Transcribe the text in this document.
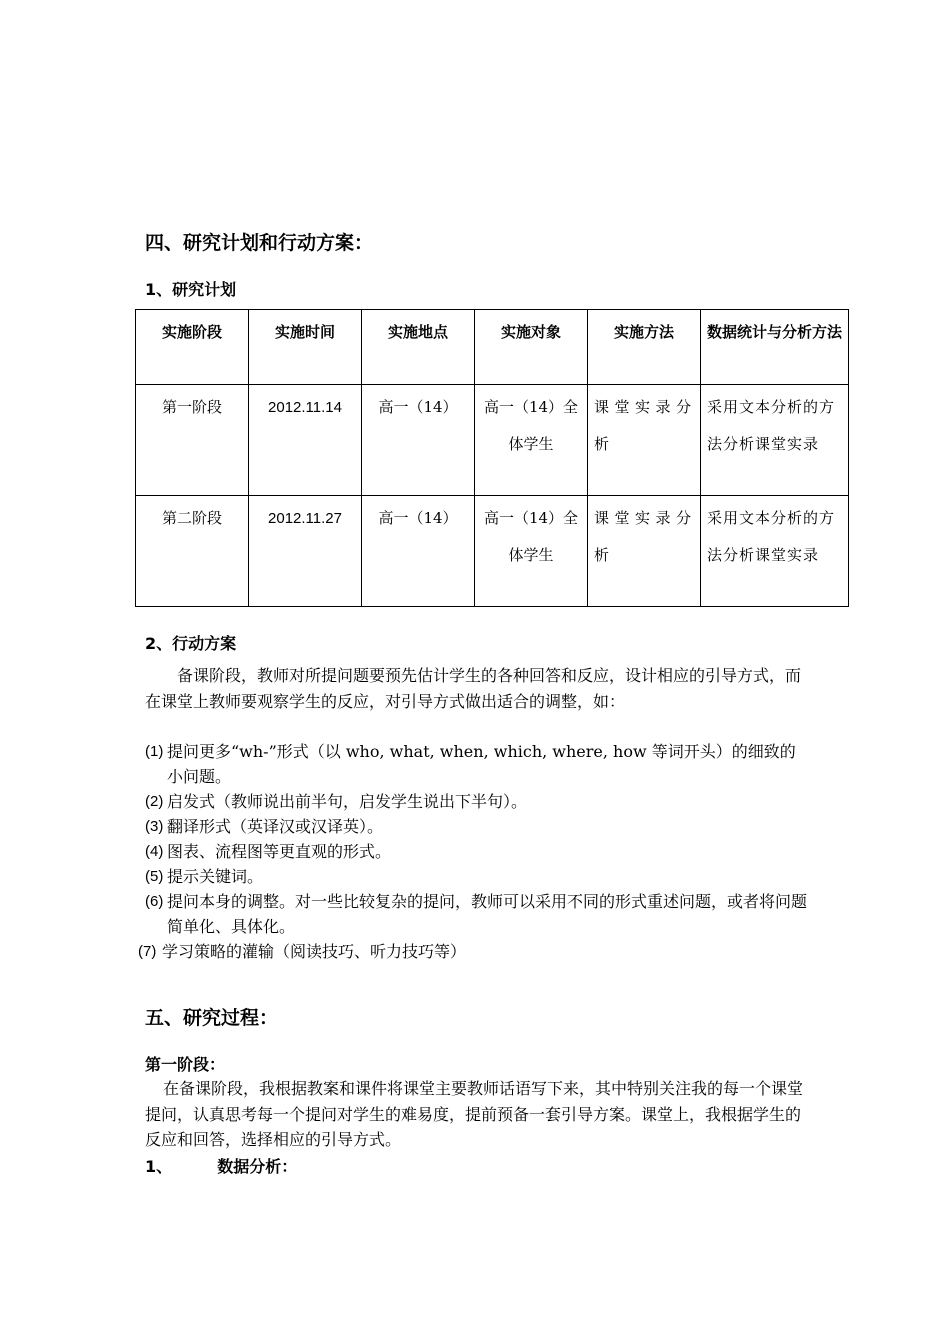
四、研究计划和行动方案：
1、研究计划
实施阶段	实施时间	实施地点	实施对象	实施方法	数据统计与分析方法
第一阶段	2012.11.14	高一（14）	高一（14）全体学生	课堂实录分析	采用文本分析的方法分析课堂实录
第二阶段	2012.11.27	高一（14）	高一（14）全体学生	课堂实录分析	采用文本分析的方法分析课堂实录
2、行动方案
备课阶段，教师对所提问题要预先估计学生的各种回答和反应，设计相应的引导方式，而在课堂上教师要观察学生的反应，对引导方式做出适合的调整，如：
(1) 提问更多“wh-”形式（以 who, what, when, which, where, how 等词开头）的细致的小问题。
(2) 启发式（教师说出前半句，启发学生说出下半句）。
(3) 翻译形式（英译汉或汉译英）。
(4) 图表、流程图等更直观的形式。
(5) 提示关键词。
(6) 提问本身的调整。对一些比较复杂的提问，教师可以采用不同的形式重述问题，或者将问题简单化、具体化。
(7) 学习策略的灌输（阅读技巧、听力技巧等）
五、研究过程：
第一阶段：
在备课阶段，我根据教案和课件将课堂主要教师话语写下来，其中特别关注我的每一个课堂提问，认真思考每一个提问对学生的难易度，提前预备一套引导方案。课堂上，我根据学生的反应和回答，选择相应的引导方式。
1、	数据分析：
